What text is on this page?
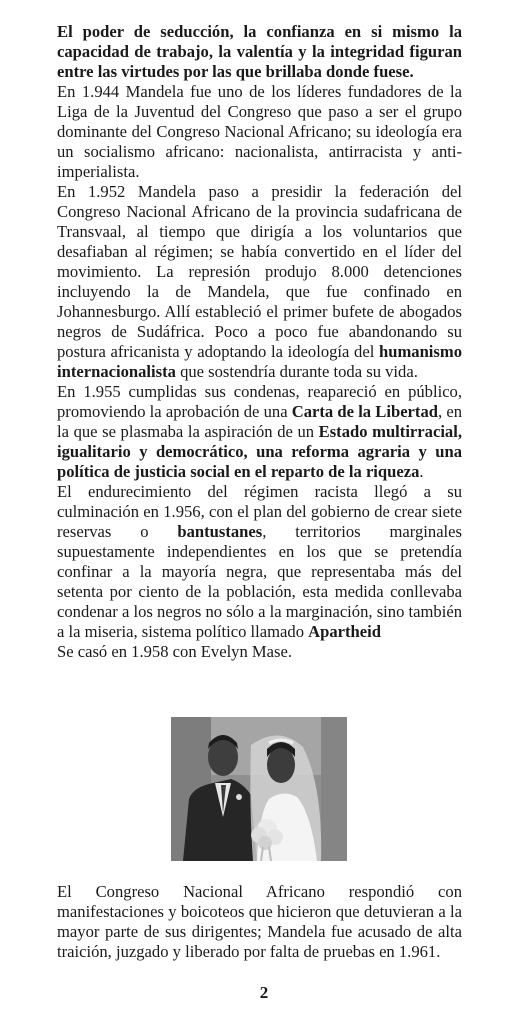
El poder de seducción, la confianza en si mismo la capacidad de trabajo, la valentía y la integridad figuran entre las virtudes por las que brillaba donde fuese.

En 1.944 Mandela fue uno de los líderes fundadores de la Liga de la Juventud del Congreso que paso a ser el grupo dominante del Congreso Nacional Africano; su ideología era un socialismo africano: nacionalista, antirracista y anti-imperialista.

En 1.952 Mandela paso a presidir la federación del Congreso Nacional Africano de la provincia sudafricana de Transvaal, al tiempo que dirigía a los voluntarios que desafiaban al régimen; se había convertido en el líder del movimiento. La represión produjo 8.000 detenciones incluyendo la de Mandela, que fue confinado en Johannesburgo. Allí estableció el primer bufete de abogados negros de Sudáfrica. Poco a poco fue abandonando su postura africanista y adoptando la ideología del humanismo internacionalista que sostendría durante toda su vida.

En 1.955 cumplidas sus condenas, reapareció en público, promoviendo la aprobación de una Carta de la Libertad, en la que se plasmaba la aspiración de un Estado multirracial, igualitario y democrático, una reforma agraria y una política de justicia social en el reparto de la riqueza.

El endurecimiento del régimen racista llegó a su culminación en 1.956, con el plan del gobierno de crear siete reservas o bantustanes, territorios marginales supuestamente independientes en los que se pretendía confinar a la mayoría negra, que representaba más del setenta por ciento de la población, esta medida conllevaba condenar a los negros no sólo a la marginación, sino también a la miseria, sistema político llamado Apartheid

Se casó en 1.958 con Evelyn Mase.

El Congreso Nacional Africano respondió con manifestaciones y boicoteos que hicieron que detuvieran a la mayor parte de sus dirigentes; Mandela fue acusado de alta traición, juzgado y liberado por falta de pruebas en 1.961.

2
